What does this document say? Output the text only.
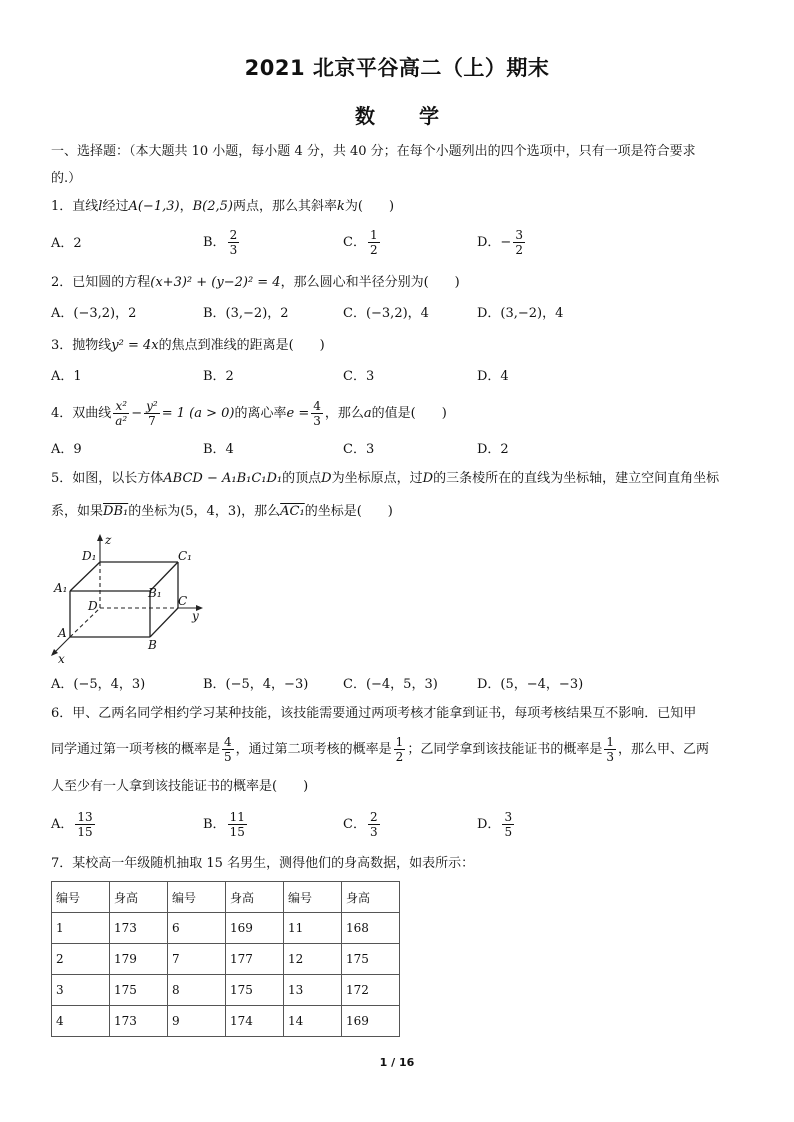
2021 北京平谷高二（上）期末
数 学
一、选择题：（本大题共 10 小题，每小题 4 分，共 40 分；在每个小题列出的四个选项中，只有一项是符合要求
的.）
1．直线l经过A(−1,3)，B(2,5)两点，那么其斜率k为(　　)
A．2	B． $\frac{2}{3}$	C． $\frac{1}{2}$	D．− $\frac{3}{2}$
2．已知圆的方程(x+3)² + (y−2)² = 4，那么圆心和半径分别为(　　)
A．(−3,2)，2	B．(3,−2)，2	C．(−3,2)，4	D．(3,−2)，4
3．抛物线y² = 4x的焦点到准线的距离是(　　)
A．1	B．2	C．3	D．4
4．双曲线 $\frac{\text{x²}}{\text{a²}} - \frac{\text{y²}}{7} = 1$ (a > 0)的离心率$e = \frac{4}{3}$ ，那么a的值是(　　)
A．9	B．4	C．3	D．2
5．如图，以长方体ABCD − A₁B₁C₁D₁的顶点D为坐标原点，过D的三条棱所在的直线为坐标轴，建立空间直角坐标
系，如果DB₁的坐标为(5，4，3)，那么AC₁的坐标是(　　)
z
D₁	C₁
A₁	B₁
D	C
y
A
B
x
A．(−5，4，3)	B．(−5，4，−3)	C．(−4，5，3)	D．(5，−4，−3)
6．甲、乙两名同学相约学习某种技能，该技能需要通过两项考核才能拿到证书，每项考核结果互不影响．已知甲
同学通过第一项考核的概率是 $\frac{4}{5}$ ，通过第二项考核的概率是 $\frac{1}{2}$ ；乙同学拿到该技能证书的概率是 $\frac{1}{3}$ ，那么甲、乙两
人至少有一人拿到该技能证书的概率是(　　)
A． $\frac{13}{15}$	B． $\frac{11}{15}$	C． $\frac{2}{3}$	D． $\frac{3}{5}$
7．某校高一年级随机抽取 15 名男生，测得他们的身高数据，如表所示：
编号	身高	编号	身高	编号	身高
1	173	6	169	11	168
2	179	7	177	12	175
3	175	8	175	13	172
4	173	9	174	14	169
1 / 16
